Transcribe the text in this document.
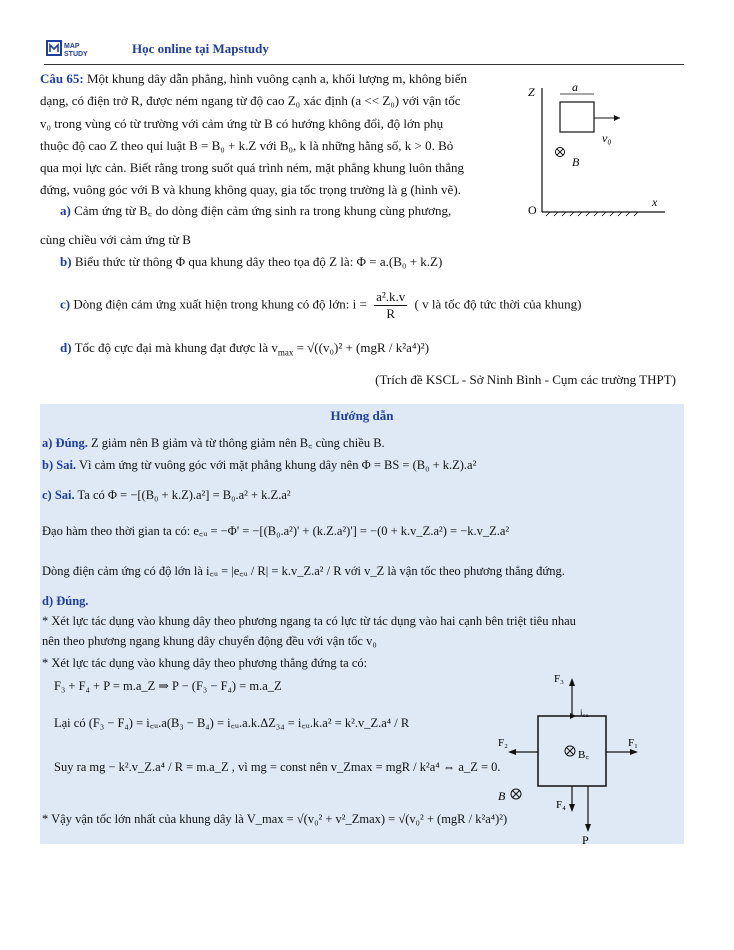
MAP
STUDY	Học online tại Mapstudy
Câu 65: Một khung dây dẫn phẳng, hình vuông cạnh a, khối lượng m, không biến
dạng, có điện trở R, được ném ngang từ độ cao Z₀ xác định (a << Z₀) với vận tốc
v₀ trong vùng có từ trường với cảm ứng từ B có hướng không đổi, độ lớn phụ
thuộc độ cao Z theo qui luật B = B₀ + k.Z với B₀, k là những hằng số, k > 0. Bỏ
qua mọi lực cản. Biết rằng trong suốt quá trình ném, mặt phẳng khung luôn thẳng
đứng, vuông góc với B và khung không quay, gia tốc trọng trường là g (hình vẽ).
Z	a
v₀
B
O
x
a) Cảm ứng từ B꜀ do dòng điện cảm ứng sinh ra trong khung cùng phương,
cùng chiều với cảm ứng từ B
b) Biểu thức từ thông Φ qua khung dây theo tọa độ Z là: Φ = a.(B₀ + k.Z)
c) Dòng điện cảm ứng xuất hiện trong khung có độ lớn: $i = \frac{\text{a².k.v}}{R}$ ( v là tốc độ tức thời của khung)
d) Tốc độ cực đại mà khung đạt được là $v_{max} = √((v_0)^2 + (mgR / k^2a^4)^2)$
(Trích đề KSCL - Sở Ninh Bình - Cụm các trường THPT)
Hướng dẫn
a) Đúng. Z giảm nên B giảm và từ thông giảm nên B꜀ cùng chiều B.
b) Sai. Vì cảm ứng từ vuông góc với mặt phẳng khung dây nên Φ = BS = (B₀ + k.Z).a²
c) Sai. Ta có Φ = −[(B₀ + k.Z).a²] = B₀.a² + k.Z.a²
Đạo hàm theo thời gian ta có: e꜀ᵤ = −Φ' = −[(B₀.a²)' + (k.Z.a²)'] = −(0 + k.v_Z.a²) = −k.v_Z.a²
Dòng điện cảm ứng có độ lớn là i꜀ᵤ = |e꜀ᵤ / R| = k.v_Z.a² / R với v_Z là vận tốc theo phương thẳng đứng.
d) Đúng.
* Xét lực tác dụng vào khung dây theo phương ngang ta có lực từ tác dụng vào hai cạnh bên triệt tiêu nhau
nên theo phương ngang khung dây chuyển động đều với vận tốc v₀
* Xét lực tác dụng vào khung dây theo phương thẳng đứng ta có:
F₃ + F₄ + P = m.a_Z ⇒ P − (F₃ − F₄) = m.a_Z
Lại có (F₃ − F₄) = i꜀ᵤ.a(B₃ − B₄) = i꜀ᵤ.a.k.ΔZ₃₄ = i꜀ᵤ.k.a² = k².v_Z.a⁴ / R
Suy ra mg − k².v_Z.a⁴ / R = m.a_Z , vì mg = const nên v_Zmax = mgR / k²a⁴ ⇔ a_Z = 0.
* Vậy vận tốc lớn nhất của khung dây là V_max = √(v₀² + v²_Zmax) = √(v₀² + (mgR / k²a⁴)²)
F₃
i꜀ᵤ
F₂
B꜀
F₁
F₄
B
P
